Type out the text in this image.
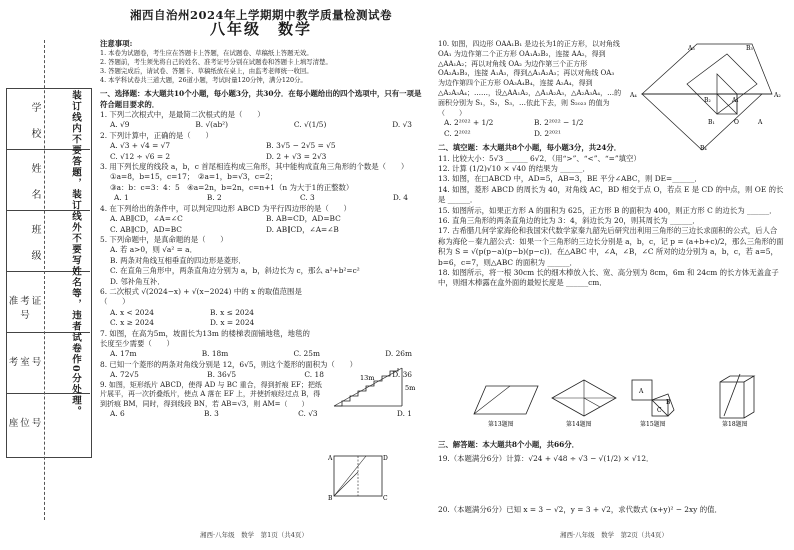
学　校
姓　名
班　级
准考证号
考室号
座位号
装订线内不要答题，装订线外不要写姓名等，违者试卷作0分处理。

湘西自治州2024年上学期期中教学质量检测试卷

八年级　数学

注意事项:

1. 本卷为试题卷，考生应在答题卡上答题，在试题卷、草稿纸上答题无效。

2. 答题前，考生须先将自己的姓名、准考证号分别在试题卷和答题卡上填写清楚。

3. 答题完成后，请试卷、答题卡、草稿纸放在桌上，由监考老师统一收回。

4. 本学科试卷共三道大题，26道小题，考试时量120分钟，满分120分。

一、选择题：本大题共10个小题，每小题3分，共30分．在每小题给出的四个选项中，只有一项是符合题目要求的．

1. 下列二次根式中，是最简二次根式的是（　　）

A. √9	B. √(ab²)	C. √(1/5)	D. √3

2. 下列计算中，正确的是（　　）

A. √3 + √4 = √7	B. 3√5 − 2√5 = √5
C. √12 ÷ √6 = 2	D. 2 + √3 = 2√3

3. 用下列长度的线段 a，b，c 首尾相连构成三角形，其中能构成直角三角形的个数是（　　）

①a=8，b=15，c=17；　②a=1，b=√3，c=2；

③a：b：c=3：4：5　④a=2n，b=2n，c=n+1（n 为大于1的正整数）

A. 1	B. 2	C. 3	D. 4

4. 在下列给出的条件中，可以判定四边形 ABCD 为平行四边形的是（　　）

A. AB∥CD，∠A=∠C	B. AB=CD，AD=BC
C. AB∥CD，AD=BC	D. AB∥CD，∠A=∠B

5. 下列命题中，是真命题的是（　　）

A. 若 a>0，则 √a² = a．

B. 两条对角线互相垂直的四边形是菱形．

C. 在直角三角形中，两条直角边分别为 a，b，斜边长为 c，那么 a²+b²=c²

D. 邻补角互补．

6. 二次根式 √(2024−x) + √(x−2024) 中的 x 的取值范围是（　　）

A. x < 2024	B. x ≤ 2024
C. x ≥ 2024	D. x = 2024

7. 如图，在高为5m，坡面长为13m 的楼梯表面铺地毯，地毯的长度至少需要（　　）

A. 17m	B. 18m	C. 25m	D. 26m

8. 已知一个菱形的两条对角线分别是 12，6√5，则这个菱形的面积为（　　）

A. 72√5	B. 36√5	C. 18	D. 36

9. 如图，矩形纸片 ABCD，使得 AD 与 BC 重合，得到折痕 EF；把纸片展平，再一次折叠纸片，使点 A 落在 EF 上，并使折痕经过点 B，得到折痕 BM，同时，得到线段 BN，若 AB=√3，则 AM=（　　）

A. 6	B. 3	C. √3	D. 1
13m
5m
A	D
B	C
湘西·八年级　数学　第1页（共4页）

10. 如图，四边形 OAA₁B₁ 是边长为1的正方形，以对角线 OA₁ 为边作第二个正方形 OA₁A₂B₂，连接 AA₂，得到△AA₁A₂；再以对角线 OA₂ 为边作第三个正方形 OA₂A₃B₃，连接 A₁A₃，得到△A₁A₂A₃；再以对角线 OA₃ 为边作第四个正方形 OA₃A₄B₄，连接 A₂A₄，得到△A₂A₃A₄；……，设△AA₁A₂，△A₁A₂A₃，△A₂A₃A₄，…的面积分别为 S₁，S₂，S₃，…依此下去，则 S₂₀₂₃ 的值为（　　）

A. 2²⁰²² + 1/2	B. 2²⁰²² − 1/2
C. 2²⁰²²	D. 2²⁰²¹

二、填空题：本大题共8个小题，每小题3分，共24分．

11. 比较大小：5√3 ______ 6√2．（用“>”、“<”、“=”填空）

12. 计算 (1/2)√10 × √40 的结果为 ______．

13. 如图，在□ABCD 中，AD=5，AB=3，BE 平分∠ABC，则 DE=______．

14. 如图，菱形 ABCD 的周长为 40，对角线 AC，BD 相交于点 O，若点 E 是 CD 的中点，则 OE 的长是 ______．

15. 如图所示，如果正方形 A 的面积为 625，正方形 B 的面积为 400，则正方形 C 的边长为 ______．

16. 直角三角形的两条直角边的比为 3：4，斜边长为 20，则其周长为 ______．

17. 古希腊几何学家海伦和我国宋代数学家秦九韶先后研究出利用三角形的三边长求面积的公式，后人合称为海伦－秦九韶公式：如果一个三角形的三边长分别是 a，b，c，记 p = (a+b+c)/2，那么三角形的面积为 S = √(p(p−a)(p−b)(p−c))．在△ABC 中，∠A，∠B，∠C 所对的边分别为 a，b，c，若 a=5，b=6，c=7，则△ABC 的面积为 ______．

18. 如图所示，将一根 30cm 长的细木棒放入长、宽、高分别为 8cm，6m 和 24cm 的长方体无盖盒子中，则细木棒露在盒外面的最短长度是 ______cm．

A₄
B₂	A₁
B₁	O	A
A₃	B₃
A₂
B₄
第13题图	第14题图
A
C
B
第15题图	第18题图

三、解答题：本大题共8个小题，共66分．

19.（本题满分6分）计算：√24 + √48 ÷ √3 − √(1/2) × √12．

20.（本题满分6分）已知 x = 3 − √2，y = 3 + √2，求代数式 (x+y)² − 2xy 的值．

湘西·八年级　数学　第2页（共4页）
